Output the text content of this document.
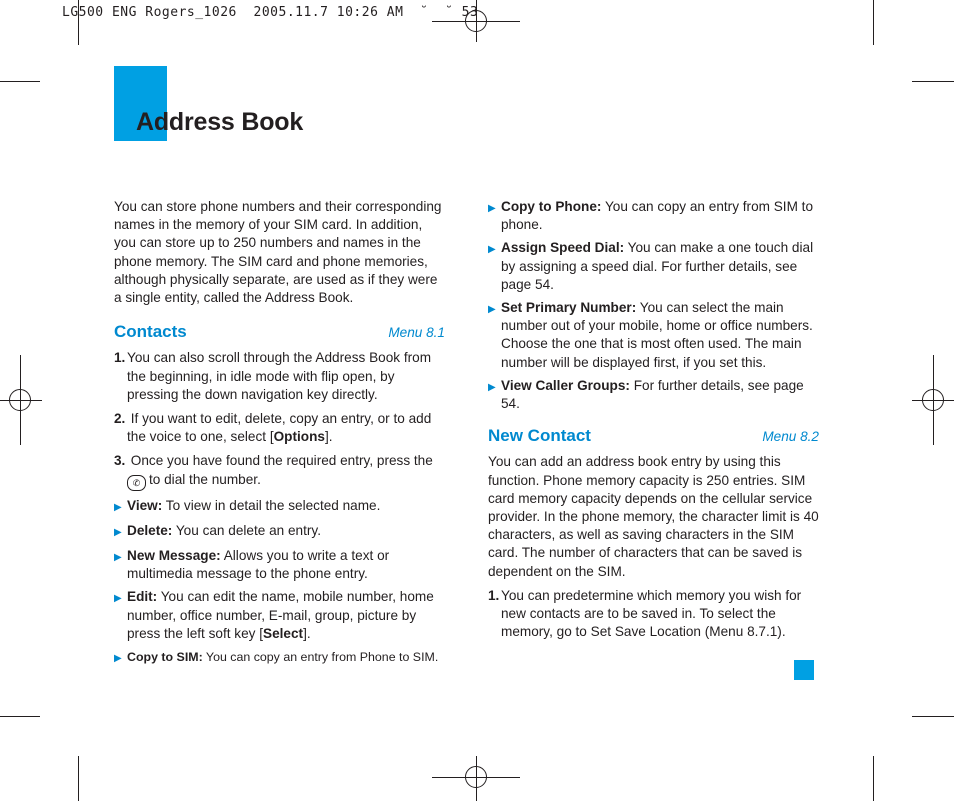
LG500 ENG Rogers_1026  2005.11.7 10:26 AM  ˘  ˘ 53
Address Book

You can store phone numbers and their corresponding names in the memory of your SIM card. In addition, you can store up to 250 numbers and names in the phone memory. The SIM card and phone memories, although physically separate, are used as if they were a single entity, called the Address Book.

Contacts	Menu 8.1
1. You can also scroll through the Address Book from the beginning, in idle mode with flip open, by pressing the down navigation key directly.
2. If you want to edit, delete, copy an entry, or to add the voice to one, select [Options].
3. Once you have found the required entry, press the
✆ to dial the number.
▶ View: To view in detail the selected name.
▶ Delete: You can delete an entry.
▶ New Message: Allows you to write a text or multimedia message to the phone entry.
▶ Edit: You can edit the name, mobile number, home number, office number, E-mail, group, picture by press the left soft key [Select].
▶ Copy to SIM: You can copy an entry from Phone to SIM.
▶ Copy to Phone: You can copy an entry from SIM to phone.
▶ Assign Speed Dial: You can make a one touch dial by assigning a speed dial. For further details, see page 54.
▶ Set Primary Number: You can select the main number out of your mobile, home or office numbers. Choose the one that is most often used. The main number will be displayed first, if you set this.
▶ View Caller Groups: For further details, see page 54.
New Contact	Menu 8.2

You can add an address book entry by using this function. Phone memory capacity is 250 entries. SIM card memory capacity depends on the cellular service provider. In the phone memory, the character limit is 40 characters, as well as saving characters in the SIM card. The number of characters that can be saved is dependent on the SIM.

1. You can predetermine which memory you wish for new contacts are to be saved in. To select the memory, go to Set Save Location (Menu 8.7.1).
